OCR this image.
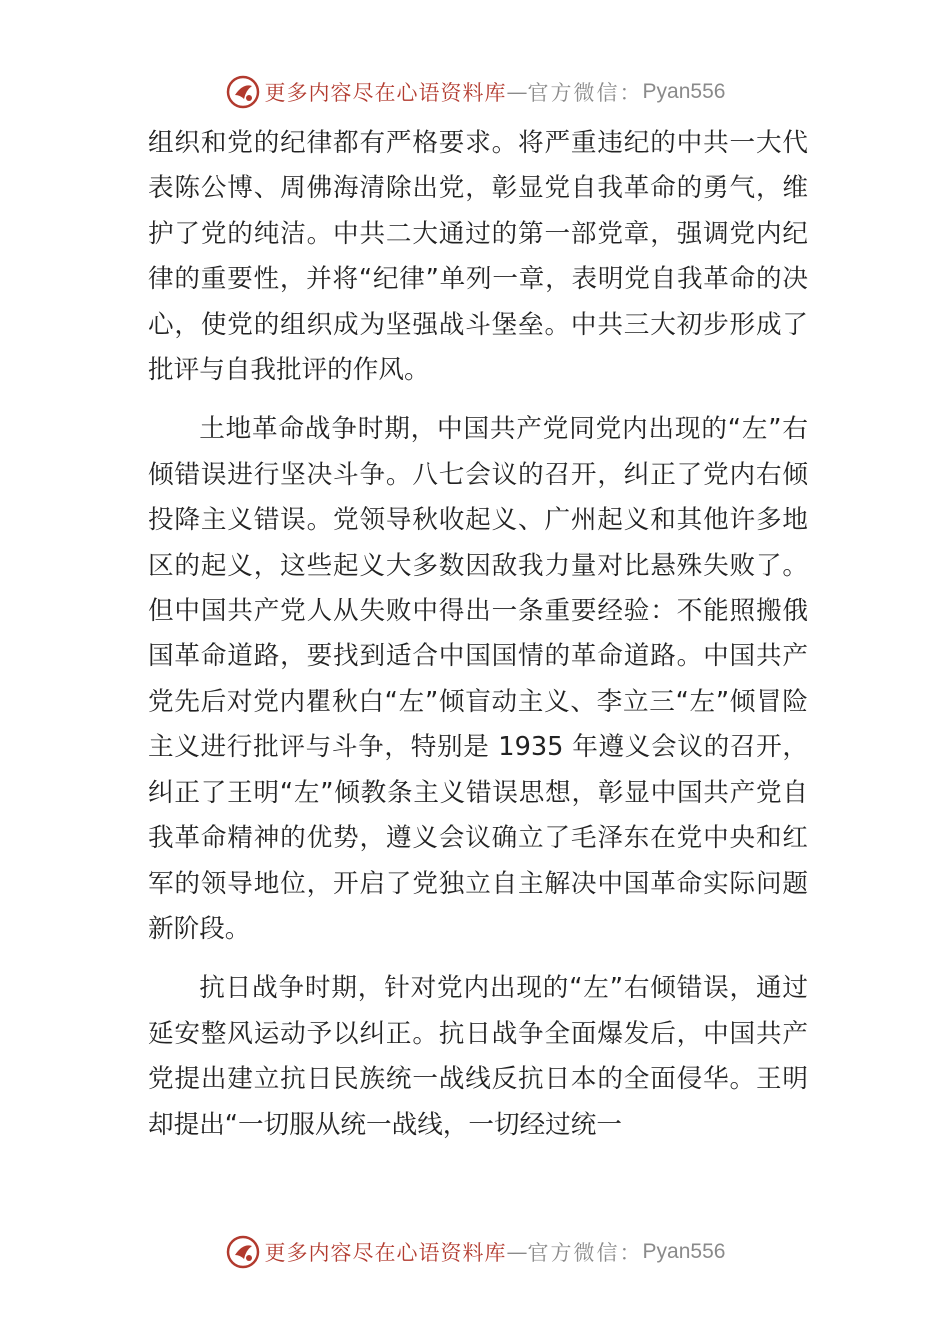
更多内容尽在心语资料库 — 官方微信： Pyan556

组织和党的纪律都有严格要求。将严重违纪的中共一大代表陈公博、周佛海清除出党，彰显党自我革命的勇气，维护了党的纯洁。中共二大通过的第一部党章，强调党内纪律的重要性，并将“纪律”单列一章，表明党自我革命的决心，使党的组织成为坚强战斗堡垒。中共三大初步形成了批评与自我批评的作风。

土地革命战争时期，中国共产党同党内出现的“左”右倾错误进行坚决斗争。八七会议的召开，纠正了党内右倾投降主义错误。党领导秋收起义、广州起义和其他许多地区的起义，这些起义大多数因敌我力量对比悬殊失败了。但中国共产党人从失败中得出一条重要经验：不能照搬俄国革命道路，要找到适合中国国情的革命道路。中国共产党先后对党内瞿秋白“左”倾盲动主义、李立三“左”倾冒险主义进行批评与斗争，特别是 1935 年遵义会议的召开，纠正了王明“左”倾教条主义错误思想，彰显中国共产党自我革命精神的优势，遵义会议确立了毛泽东在党中央和红军的领导地位，开启了党独立自主解决中国革命实际问题新阶段。

抗日战争时期，针对党内出现的“左”右倾错误，通过延安整风运动予以纠正。抗日战争全面爆发后，中国共产党提出建立抗日民族统一战线反抗日本的全面侵华。王明却提出“一切服从统一战线，一切经过统一

更多内容尽在心语资料库 — 官方微信： Pyan556
